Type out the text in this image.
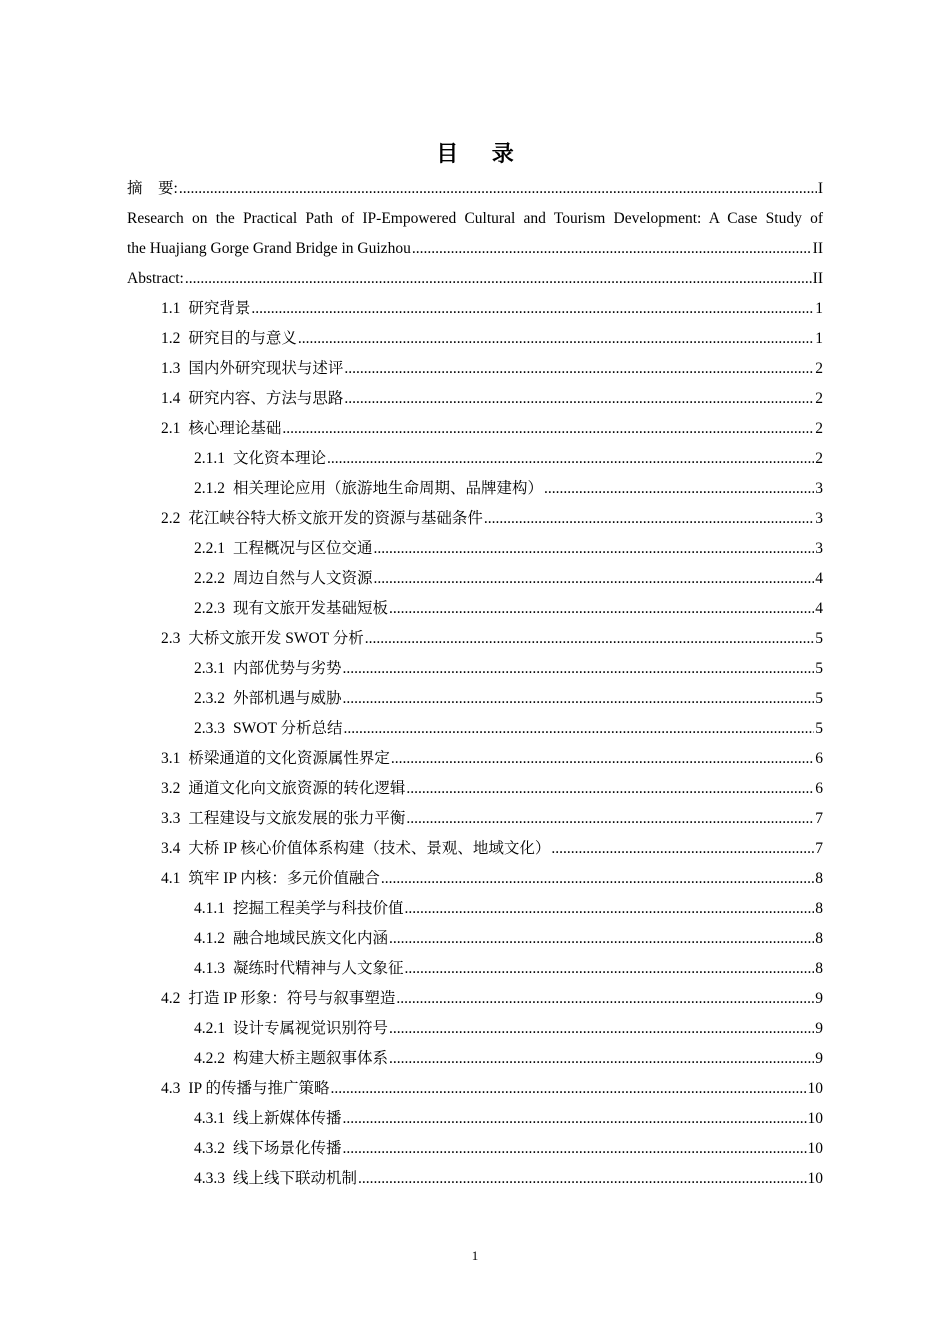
目 录
摘　要: .....	I
Research on the Practical Path of IP-Empowered Cultural and Tourism Development: A Case Study of
the Huajiang Gorge Grand Bridge in Guizhou .....	II
Abstract: .....	II
1.1 研究背景 .....	1
1.2 研究目的与意义 .....	1
1.3 国内外研究现状与述评 .....	2
1.4 研究内容、方法与思路 .....	2
2.1 核心理论基础 .....	2
2.1.1 文化资本理论 .....	2
2.1.2 相关理论应用（旅游地生命周期、品牌建构） .....	3
2.2 花江峡谷特大桥文旅开发的资源与基础条件 .....	3
2.2.1 工程概况与区位交通 .....	3
2.2.2 周边自然与人文资源 .....	4
2.2.3 现有文旅开发基础短板 .....	4
2.3 大桥文旅开发 SWOT 分析 .....	5
2.3.1 内部优势与劣势 .....	5
2.3.2 外部机遇与威胁 .....	5
2.3.3 SWOT 分析总结 .....	5
3.1 桥梁通道的文化资源属性界定 .....	6
3.2 通道文化向文旅资源的转化逻辑 .....	6
3.3 工程建设与文旅发展的张力平衡 .....	7
3.4 大桥 IP 核心价值体系构建（技术、景观、地域文化） .....	7
4.1 筑牢 IP 内核：多元价值融合 .....	8
4.1.1 挖掘工程美学与科技价值 .....	8
4.1.2 融合地域民族文化内涵 .....	8
4.1.3 凝练时代精神与人文象征 .....	8
4.2 打造 IP 形象：符号与叙事塑造 .....	9
4.2.1 设计专属视觉识别符号 .....	9
4.2.2 构建大桥主题叙事体系 .....	9
4.3 IP 的传播与推广策略 .....	10
4.3.1 线上新媒体传播 .....	10
4.3.2 线下场景化传播 .....	10
4.3.3 线上线下联动机制 .....	10
1
